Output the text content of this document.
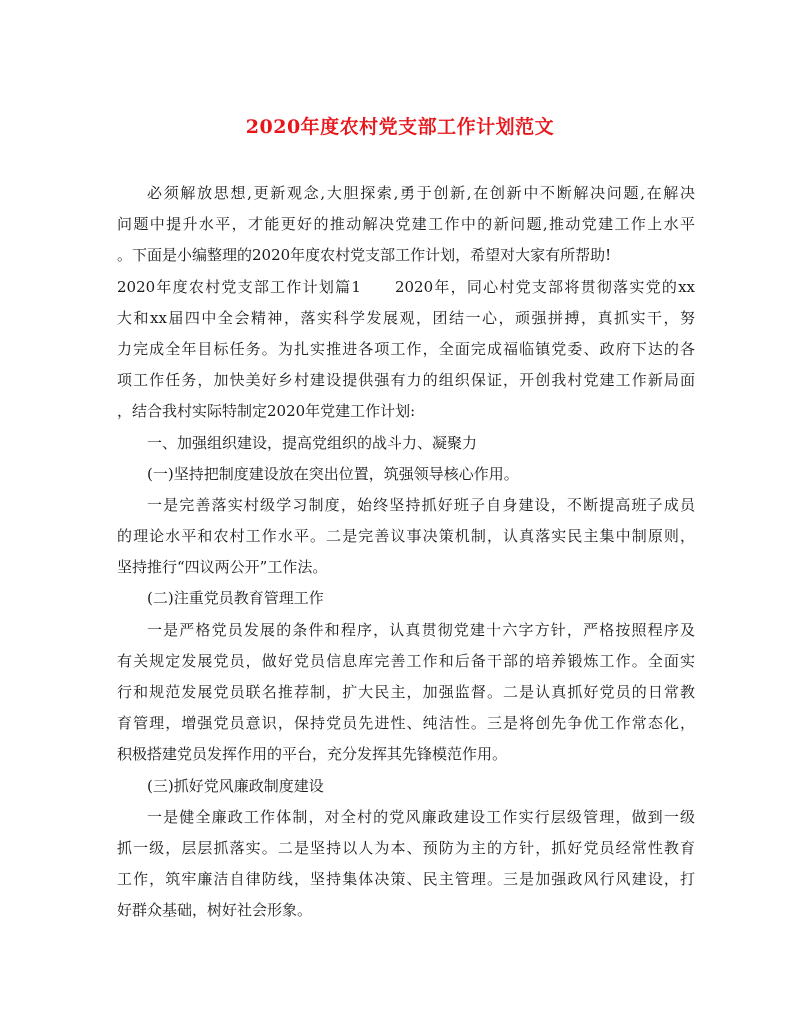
2020年度农村党支部工作计划范文
必须解放思想,更新观念,大胆探索,勇于创新,在创新中不断解决问题,在解决
问题中提升水平，才能更好的推动解决党建工作中的新问题,推动党建工作上水平
。下面是小编整理的2020年度农村党支部工作计划，希望对大家有所帮助!
2020年度农村党支部工作计划篇1 2020年，同心村党支部将贯彻落实党的xx
大和xx届四中全会精神，落实科学发展观，团结一心，顽强拼搏，真抓实干，努
力完成全年目标任务。为扎实推进各项工作，全面完成福临镇党委、政府下达的各
项工作任务，加快美好乡村建设提供强有力的组织保证，开创我村党建工作新局面
，结合我村实际特制定2020年党建工作计划:
一、加强组织建设，提高党组织的战斗力、凝聚力
(一)坚持把制度建设放在突出位置，筑强领导核心作用。
一是完善落实村级学习制度，始终坚持抓好班子自身建设，不断提高班子成员
的理论水平和农村工作水平。二是完善议事决策机制，认真落实民主集中制原则，
坚持推行“四议两公开”工作法。
(二)注重党员教育管理工作
一是严格党员发展的条件和程序，认真贯彻党建十六字方针，严格按照程序及
有关规定发展党员，做好党员信息库完善工作和后备干部的培养锻炼工作。全面实
行和规范发展党员联名推荐制，扩大民主，加强监督。二是认真抓好党员的日常教
育管理，增强党员意识，保持党员先进性、纯洁性。三是将创先争优工作常态化，
积极搭建党员发挥作用的平台，充分发挥其先锋模范作用。
(三)抓好党风廉政制度建设
一是健全廉政工作体制，对全村的党风廉政建设工作实行层级管理，做到一级
抓一级，层层抓落实。二是坚持以人为本、预防为主的方针，抓好党员经常性教育
工作，筑牢廉洁自律防线，坚持集体决策、民主管理。三是加强政风行风建设，打
好群众基础，树好社会形象。
